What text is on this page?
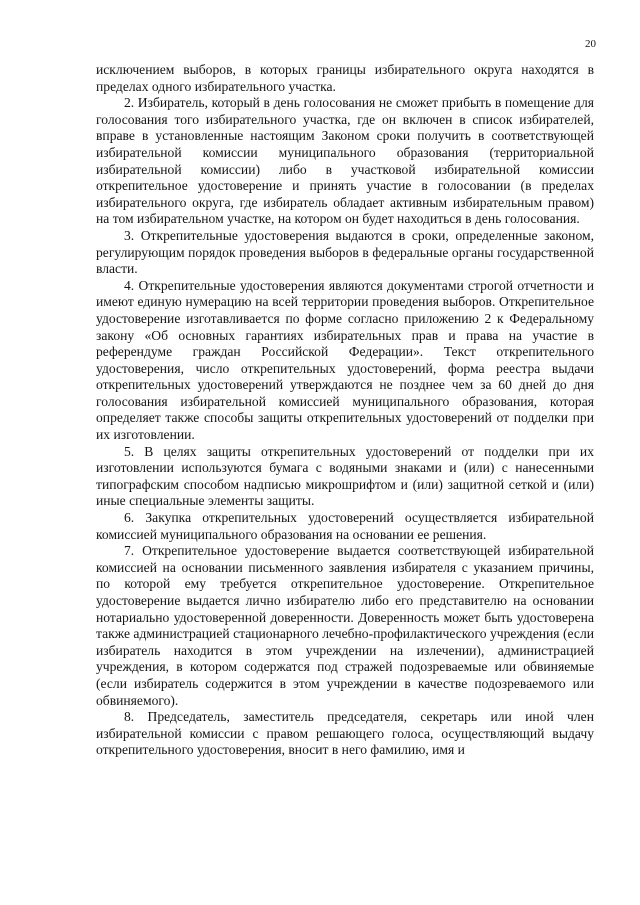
20

исключением выборов, в которых границы избирательного округа находятся в пределах одного избирательного участка.

2. Избиратель, который в день голосования не сможет прибыть в помещение для голосования того избирательного участка, где он включен в список избирателей, вправе в установленные настоящим Законом сроки получить в соответствующей избирательной комиссии муниципального образования (территориальной избирательной комиссии) либо в участковой избирательной комиссии открепительное удостоверение и принять участие в голосовании (в пределах избирательного округа, где избиратель обладает активным избирательным правом) на том избирательном участке, на котором он будет находиться в день голосования.

3. Открепительные удостоверения выдаются в сроки, определенные законом, регулирующим порядок проведения выборов в федеральные органы государственной власти.

4. Открепительные удостоверения являются документами строгой отчетности и имеют единую нумерацию на всей территории проведения выборов. Открепительное удостоверение изготавливается по форме согласно приложению 2 к Федеральному закону «Об основных гарантиях избирательных прав и права на участие в референдуме граждан Российской Федерации». Текст открепительного удостоверения, число открепительных удостоверений, форма реестра выдачи открепительных удостоверений утверждаются не позднее чем за 60 дней до дня голосования избирательной комиссией муниципального образования, которая определяет также способы защиты открепительных удостоверений от подделки при их изготовлении.

5. В целях защиты открепительных удостоверений от подделки при их изготовлении используются бумага с водяными знаками и (или) с нанесенными типографским способом надписью микрошрифтом и (или) защитной сеткой и (или) иные специальные элементы защиты.

6. Закупка открепительных удостоверений осуществляется избирательной комиссией муниципального образования на основании ее решения.

7. Открепительное удостоверение выдается соответствующей избирательной комиссией на основании письменного заявления избирателя с указанием причины, по которой ему требуется открепительное удостоверение. Открепительное удостоверение выдается лично избирателю либо его представителю на основании нотариально удостоверенной доверенности. Доверенность может быть удостоверена также администрацией стационарного лечебно-профилактического учреждения (если избиратель находится в этом учреждении на излечении), администрацией учреждения, в котором содержатся под стражей подозреваемые или обвиняемые (если избиратель содержится в этом учреждении в качестве подозреваемого или обвиняемого).

8. Председатель, заместитель председателя, секретарь или иной член избирательной комиссии с правом решающего голоса, осуществляющий выдачу открепительного удостоверения, вносит в него фамилию, имя и
